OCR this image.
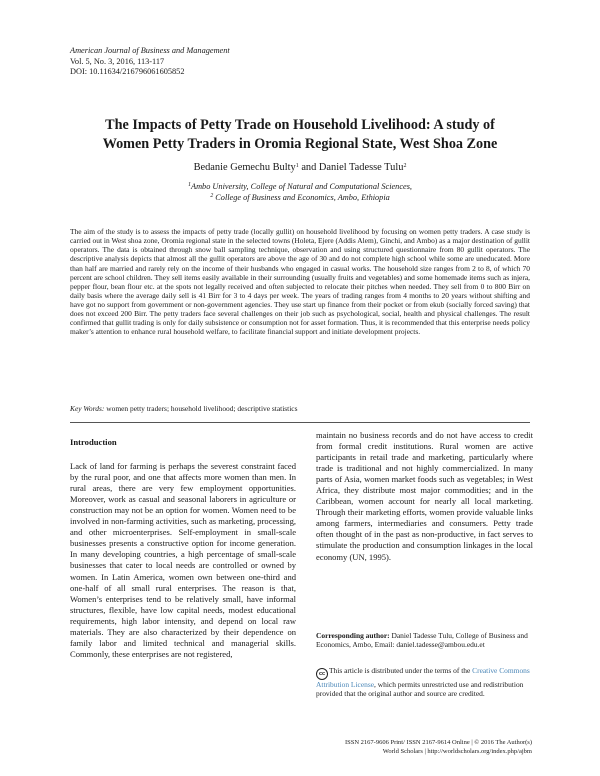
American Journal of Business and Management
Vol. 5, No. 3, 2016, 113-117
DOI: 10.11634/216796061605852
The Impacts of Petty Trade on Household Livelihood: A study of
Women Petty Traders in Oromia Regional State, West Shoa Zone
Bedanie Gemechu Bulty$^1$ and Daniel Tadesse Tulu$^2$
$^1$Ambo University, College of Natural and Computational Sciences,
$^2$ College of Business and Economics, Ambo, Ethiopia
The aim of the study is to assess the impacts of petty trade (locally gullit) on household livelihood by focusing on women petty traders. A case study is carried out in West shoa zone, Oromia regional state in the selected towns (Holeta, Ejere (Addis Alem), Ginchi, and Ambo) as a major destination of gullit operators. The data is obtained through snow ball sampling technique, observation and using structured questionnaire from 80 gullit operators. The descriptive analysis depicts that almost all the gullit operators are above the age of 30 and do not complete high school while some are uneducated. More than half are married and rarely rely on the income of their husbands who engaged in casual works. The household size ranges from 2 to 8, of which 70 percent are school children. They sell items easily available in their surrounding (usually fruits and vegetables) and some homemade items such as injera, pepper flour, bean flour etc. at the spots not legally received and often subjected to relocate their pitches when needed. They sell from 0 to 800 Birr on daily basis where the average daily sell is 41 Birr for 3 to 4 days per week. The years of trading ranges from 4 months to 20 years without shifting and have got no support from government or non-government agencies. They use start up finance from their pocket or from ekub (socially forced saving) that does not exceed 200 Birr. The petty traders face several challenges on their job such as psychological, social, health and physical challenges. The result confirmed that gullit trading is only for daily subsistence or consumption not for asset formation. Thus, it is recommended that this enterprise needs policy maker’s attention to enhance rural household welfare, to facilitate financial support and initiate development projects.
Key Words: women petty traders; household livelihood; descriptive statistics
Introduction

Lack of land for farming is perhaps the severest constraint faced by the rural poor, and one that affects more women than men. In rural areas, there are very few employment opportunities. Moreover, work as casual and seasonal laborers in agriculture or construction may not be an option for women. Women need to be involved in non-farming activities, such as marketing, processing, and other microenterprises. Self-employment in small-scale businesses presents a constructive option for income generation. In many developing countries, a high percentage of small-scale businesses that cater to local needs are controlled or owned by women. In Latin America, women own between one-third and one-half of all small rural enterprises. The reason is that, Women’s enterprises tend to be relatively small, have informal structures, flexible, have low capital needs, modest educational requirements, high labor intensity, and depend on local raw materials. They are also characterized by their dependence on family labor and limited technical and managerial skills. Commonly, these enterprises are not registered,

maintain no business records and do not have access to credit from formal credit institutions. Rural women are active participants in retail trade and marketing, particularly where trade is traditional and not highly commercialized. In many parts of Asia, women market foods such as vegetables; in West Africa, they distribute most major commodities; and in the Caribbean, women account for nearly all local marketing. Through their marketing efforts, women provide valuable links among farmers, intermediaries and consumers. Petty trade often thought of in the past as non-productive, in fact serves to stimulate the production and consumption linkages in the local economy (UN, 1995).

Corresponding author: Daniel Tadesse Tulu, College of Business and Economics, Ambo, Email: daniel.tadesse@ambou.edu.et
cc This article is distributed under the terms of the Creative Commons Attribution License, which permits unrestricted use and redistribution provided that the original author and source are credited.
ISSN 2167-9606 Print/ ISSN 2167-9614 Online | © 2016 The Author(s)
World Scholars | http://worldscholars.org/index.php/ajbm
